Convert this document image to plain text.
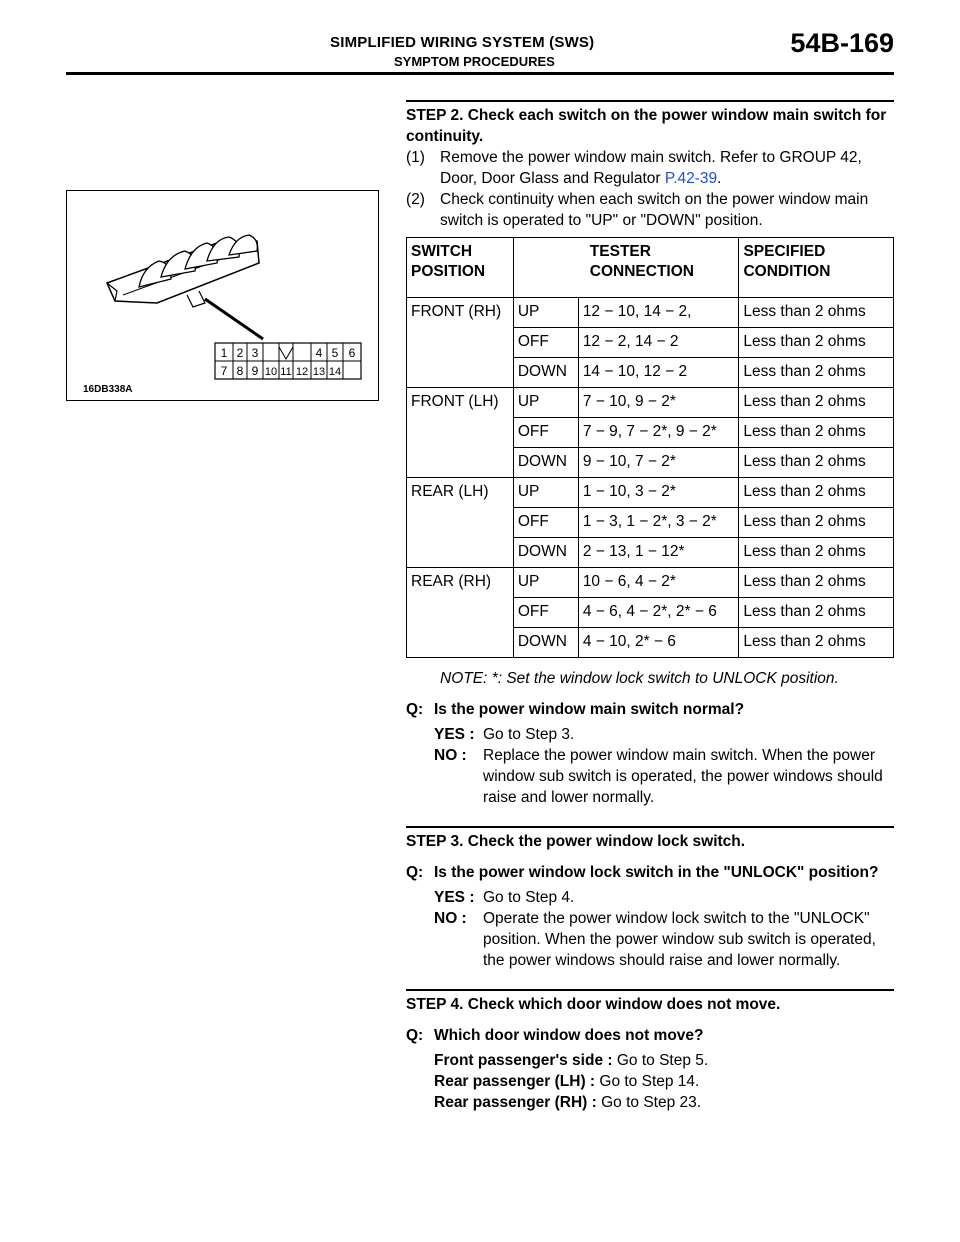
SIMPLIFIED WIRING SYSTEM (SWS)
SYMPTOM PROCEDURES
54B-169
1 2 3	4 5 6
7 8 9 10 11 12 13 14
16DB338A
STEP 2. Check each switch on the power window main switch for continuity.
(1) Remove the power window main switch. Refer to GROUP 42, Door, Door Glass and Regulator P.42-39.
(2) Check continuity when each switch on the power window main switch is operated to "UP" or "DOWN" position.
SWITCH POSITION	TESTER CONNECTION	SPECIFIED CONDITION
FRONT (RH)	UP	12 − 10, 14 − 2,	Less than 2 ohms
	OFF	12 − 2, 14 − 2	Less than 2 ohms
	DOWN	14 − 10, 12 − 2	Less than 2 ohms
FRONT (LH)	UP	7 − 10, 9 − 2*	Less than 2 ohms
	OFF	7 − 9, 7 − 2*, 9 − 2*	Less than 2 ohms
	DOWN	9 − 10, 7 − 2*	Less than 2 ohms
REAR (LH)	UP	1 − 10, 3 − 2*	Less than 2 ohms
	OFF	1 − 3, 1 − 2*, 3 − 2*	Less than 2 ohms
	DOWN	2 − 13, 1 − 12*	Less than 2 ohms
REAR (RH)	UP	10 − 6, 4 − 2*	Less than 2 ohms
	OFF	4 − 6, 4 − 2*, 2* − 6	Less than 2 ohms
	DOWN	4 − 10, 2* − 6	Less than 2 ohms
NOTE: *: Set the window lock switch to UNLOCK position.
Q: Is the power window main switch normal?
YES : Go to Step 3.
NO :	Replace the power window main switch. When the power window sub switch is operated, the power windows should raise and lower normally.
STEP 3. Check the power window lock switch.
Q: Is the power window lock switch in the "UNLOCK" position?
YES : Go to Step 4.
NO :	Operate the power window lock switch to the "UNLOCK" position. When the power window sub switch is operated, the power windows should raise and lower normally.
STEP 4. Check which door window does not move.
Q: Which door window does not move?
Front passenger's side : Go to Step 5.
Rear passenger (LH) : Go to Step 14.
Rear passenger (RH) : Go to Step 23.
